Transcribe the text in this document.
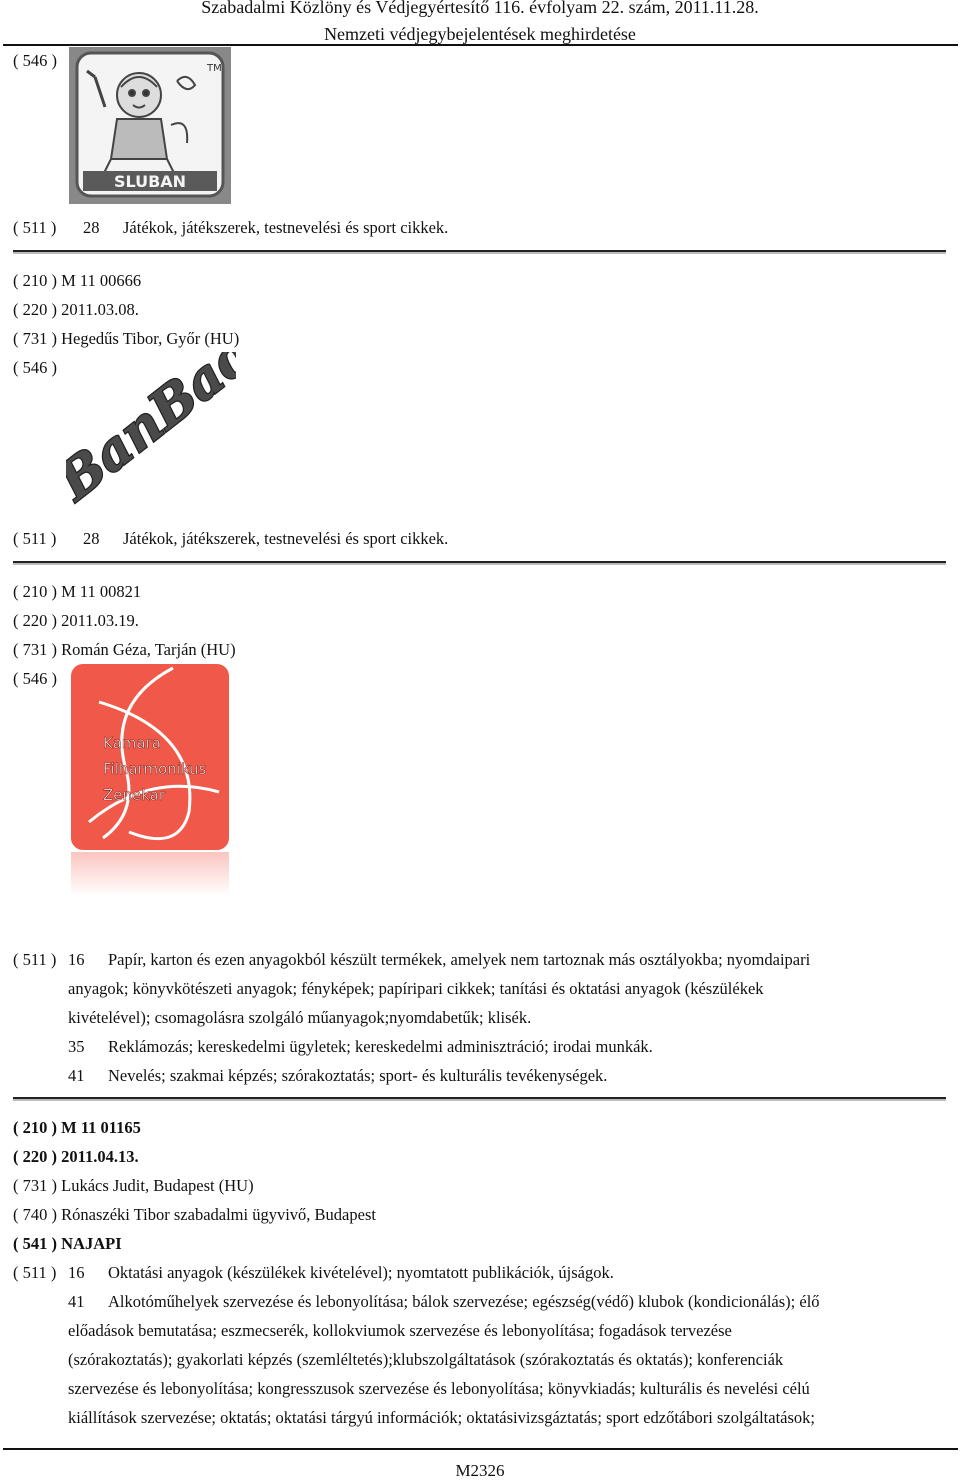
Szabadalmi Közlöny és Védjegyértesítő 116. évfolyam 22. szám, 2011.11.28.
Nemzeti védjegybejelentések meghirdetése
( 546 )	TM
SLUBAN
( 511 ) 28 Játékok, játékszerek, testnevelési és sport cikkek.
( 210 ) M 11 00666
( 220 ) 2011.03.08.
( 731 ) Hegedűs Tibor, Győr (HU)
( 546 )
BanBao
( 511 ) 28 Játékok, játékszerek, testnevelési és sport cikkek.
( 210 ) M 11 00821
( 220 ) 2011.03.19.
( 731 ) Román Géza, Tarján (HU)
( 546 )
Kamara
Filharmonikus
Zenekar
( 511 ) 16 Papír, karton és ezen anyagokból készült termékek, amelyek nem tartoznak más osztályokba; nyomdaipari
anyagok; könyvkötészeti anyagok; fényképek; papíripari cikkek; tanítási és oktatási anyagok (készülékek
kivételével); csomagolásra szolgáló műanyagok;nyomdabetűk; klisék.
35 Reklámozás; kereskedelmi ügyletek; kereskedelmi adminisztráció; irodai munkák.
41 Nevelés; szakmai képzés; szórakoztatás; sport- és kulturális tevékenységek.
( 210 ) M 11 01165
( 220 ) 2011.04.13.
( 731 ) Lukács Judit, Budapest (HU)
( 740 ) Rónaszéki Tibor szabadalmi ügyvivő, Budapest
( 541 ) NAJAPI
( 511 ) 16 Oktatási anyagok (készülékek kivételével); nyomtatott publikációk, újságok.
41 Alkotóműhelyek szervezése és lebonyolítása; bálok szervezése; egészség(védő) klubok (kondicionálás); élő
előadások bemutatása; eszmecserék, kollokviumok szervezése és lebonyolítása; fogadások tervezése
(szórakoztatás); gyakorlati képzés (szemléltetés);klubszolgáltatások (szórakoztatás és oktatás); konferenciák
szervezése és lebonyolítása; kongresszusok szervezése és lebonyolítása; könyvkiadás; kulturális és nevelési célú
kiállítások szervezése; oktatás; oktatási tárgyú információk; oktatásivizsgáztatás; sport edzőtábori szolgáltatások;
M2326
